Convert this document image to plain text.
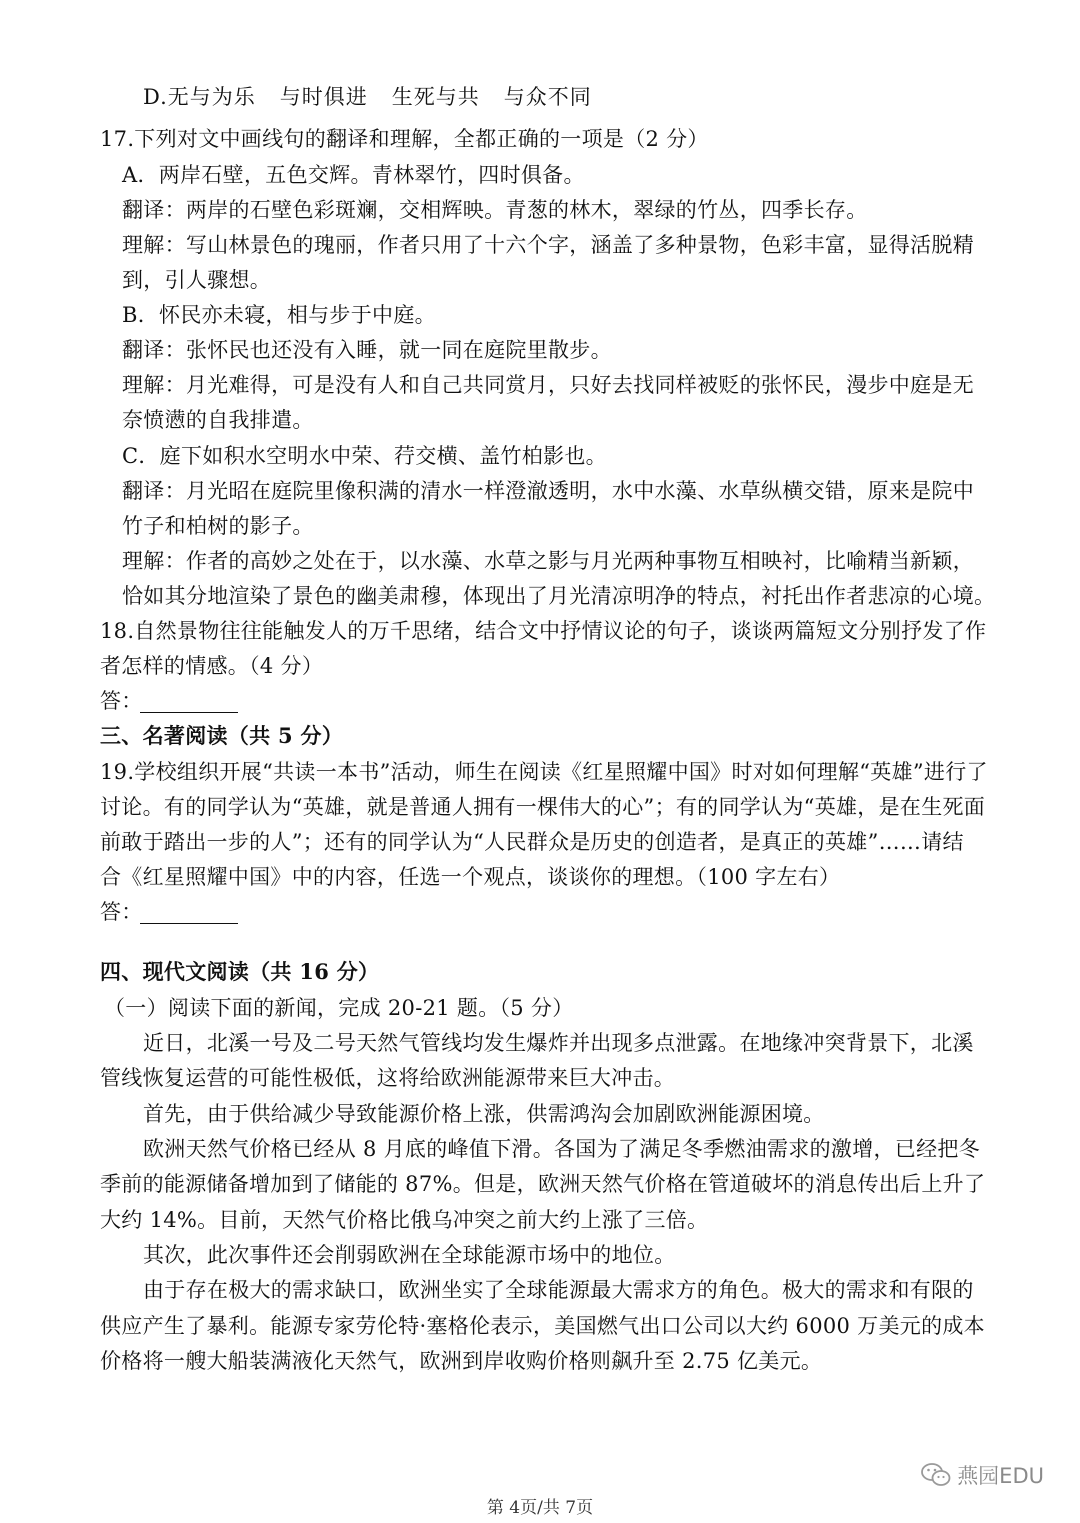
D.无与为乐 与时俱进 生死与共 与众不同
17.下列对文中画线句的翻译和理解，全都正确的一项是（2 分）
A．两岸石壁，五色交辉。青林翠竹，四时俱备。
翻译：两岸的石壁色彩斑斓，交相辉映。青葱的林木，翠绿的竹丛，四季长存。
理解：写山林景色的瑰丽，作者只用了十六个字，涵盖了多种景物，色彩丰富，显得活脱精
到，引人骤想。
B．怀民亦未寝，相与步于中庭。
翻译：张怀民也还没有入睡，就一同在庭院里散步。
理解：月光难得，可是没有人和自己共同赏月，只好去找同样被贬的张怀民，漫步中庭是无
奈愤懑的自我排遣。
C．庭下如积水空明水中荣、荇交横、盖竹柏影也。
翻译：月光昭在庭院里像积满的清水一样澄澈透明，水中水藻、水草纵横交错，原来是院中
竹子和柏树的影子。
理解：作者的高妙之处在于，以水藻、水草之影与月光两种事物互相映衬，比喻精当新颖，
恰如其分地渲染了景色的幽美肃穆，体现出了月光清凉明净的特点，衬托出作者悲凉的心境。
18.自然景物往往能触发人的万千思绪，结合文中抒情议论的句子，谈谈两篇短文分别抒发了作
者怎样的情感。（4 分）
答：
三、名著阅读（共 5 分）
19.学校组织开展“共读一本书”活动，师生在阅读《红星照耀中国》时对如何理解“英雄”进行了
讨论。有的同学认为“英雄，就是普通人拥有一棵伟大的心”；有的同学认为“英雄，是在生死面
前敢于踏出一步的人”；还有的同学认为“人民群众是历史的创造者，是真正的英雄”……请结
合《红星照耀中国》中的内容，任选一个观点，谈谈你的理想。（100 字左右）
答：
四、现代文阅读（共 16 分）
（一）阅读下面的新闻，完成 20-21 题。（5 分）
近日，北溪一号及二号天然气管线均发生爆炸并出现多点泄露。在地缘冲突背景下，北溪
管线恢复运营的可能性极低，这将给欧洲能源带来巨大冲击。
首先，由于供给减少导致能源价格上涨，供需鸿沟会加剧欧洲能源困境。
欧洲天然气价格已经从 8 月底的峰值下滑。各国为了满足冬季燃油需求的激增，已经把冬
季前的能源储备增加到了储能的 87%。但是，欧洲天然气价格在管道破坏的消息传出后上升了
大约 14%。目前，天然气价格比俄乌冲突之前大约上涨了三倍。
其次，此次事件还会削弱欧洲在全球能源市场中的地位。
由于存在极大的需求缺口，欧洲坐实了全球能源最大需求方的角色。极大的需求和有限的
供应产生了暴利。能源专家劳伦特·塞格伦表示，美国燃气出口公司以大约 6000 万美元的成本
价格将一艘大船装满液化天然气，欧洲到岸收购价格则飙升至 2.75 亿美元。
燕园EDU
第 4页/共 7页
